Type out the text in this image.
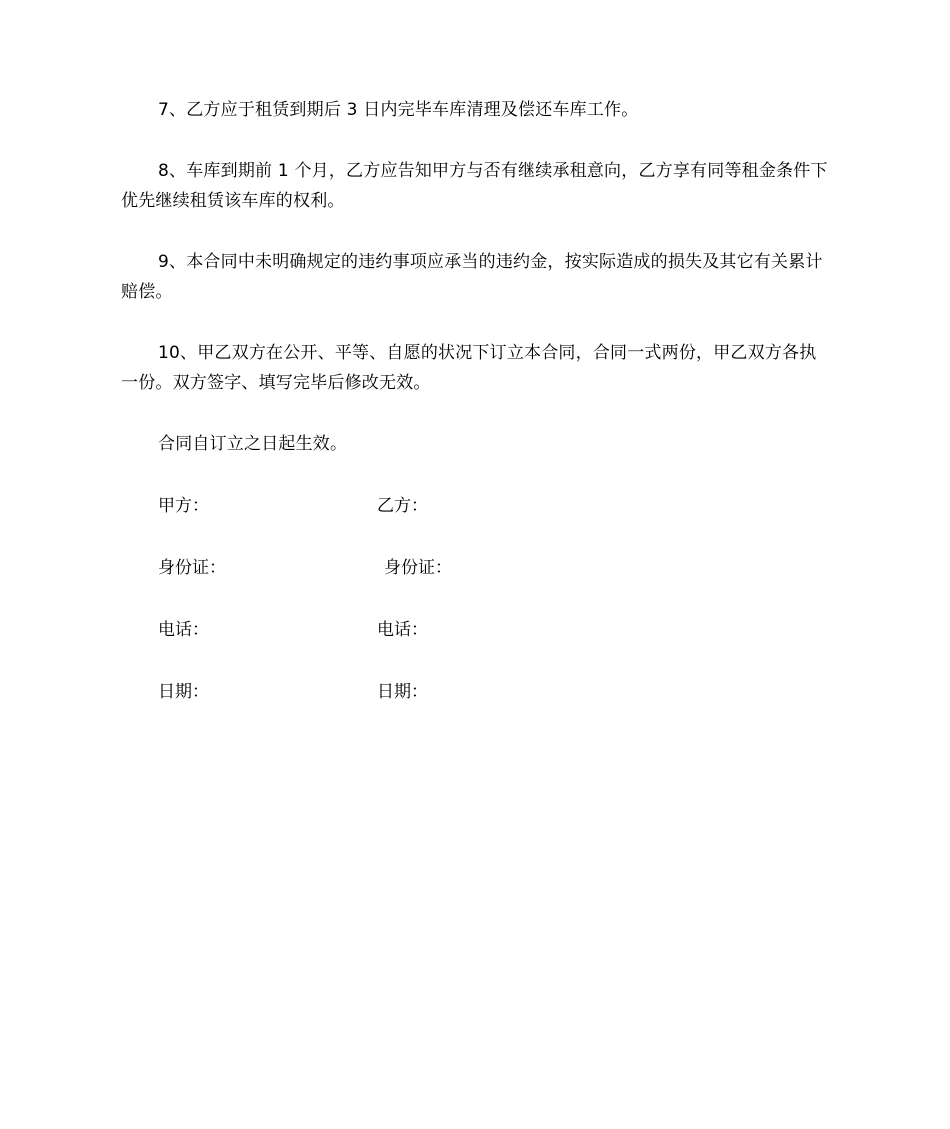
7、乙方应于租赁到期后 3 日内完毕车库清理及偿还车库工作。

8、车库到期前 1 个月，乙方应告知甲方与否有继续承租意向，乙方享有同等租金条件下优先继续租赁该车库的权利。

9、本合同中未明确规定的违约事项应承当的违约金，按实际造成的损失及其它有关累计赔偿。

10、甲乙双方在公开、平等、自愿的状况下订立本合同，合同一式两份，甲乙双方各执一份。双方签字、填写完毕后修改无效。

合同自订立之日起生效。

甲方：	乙方：
身份证：	身份证：
电话：	电话：
日期：	日期：
